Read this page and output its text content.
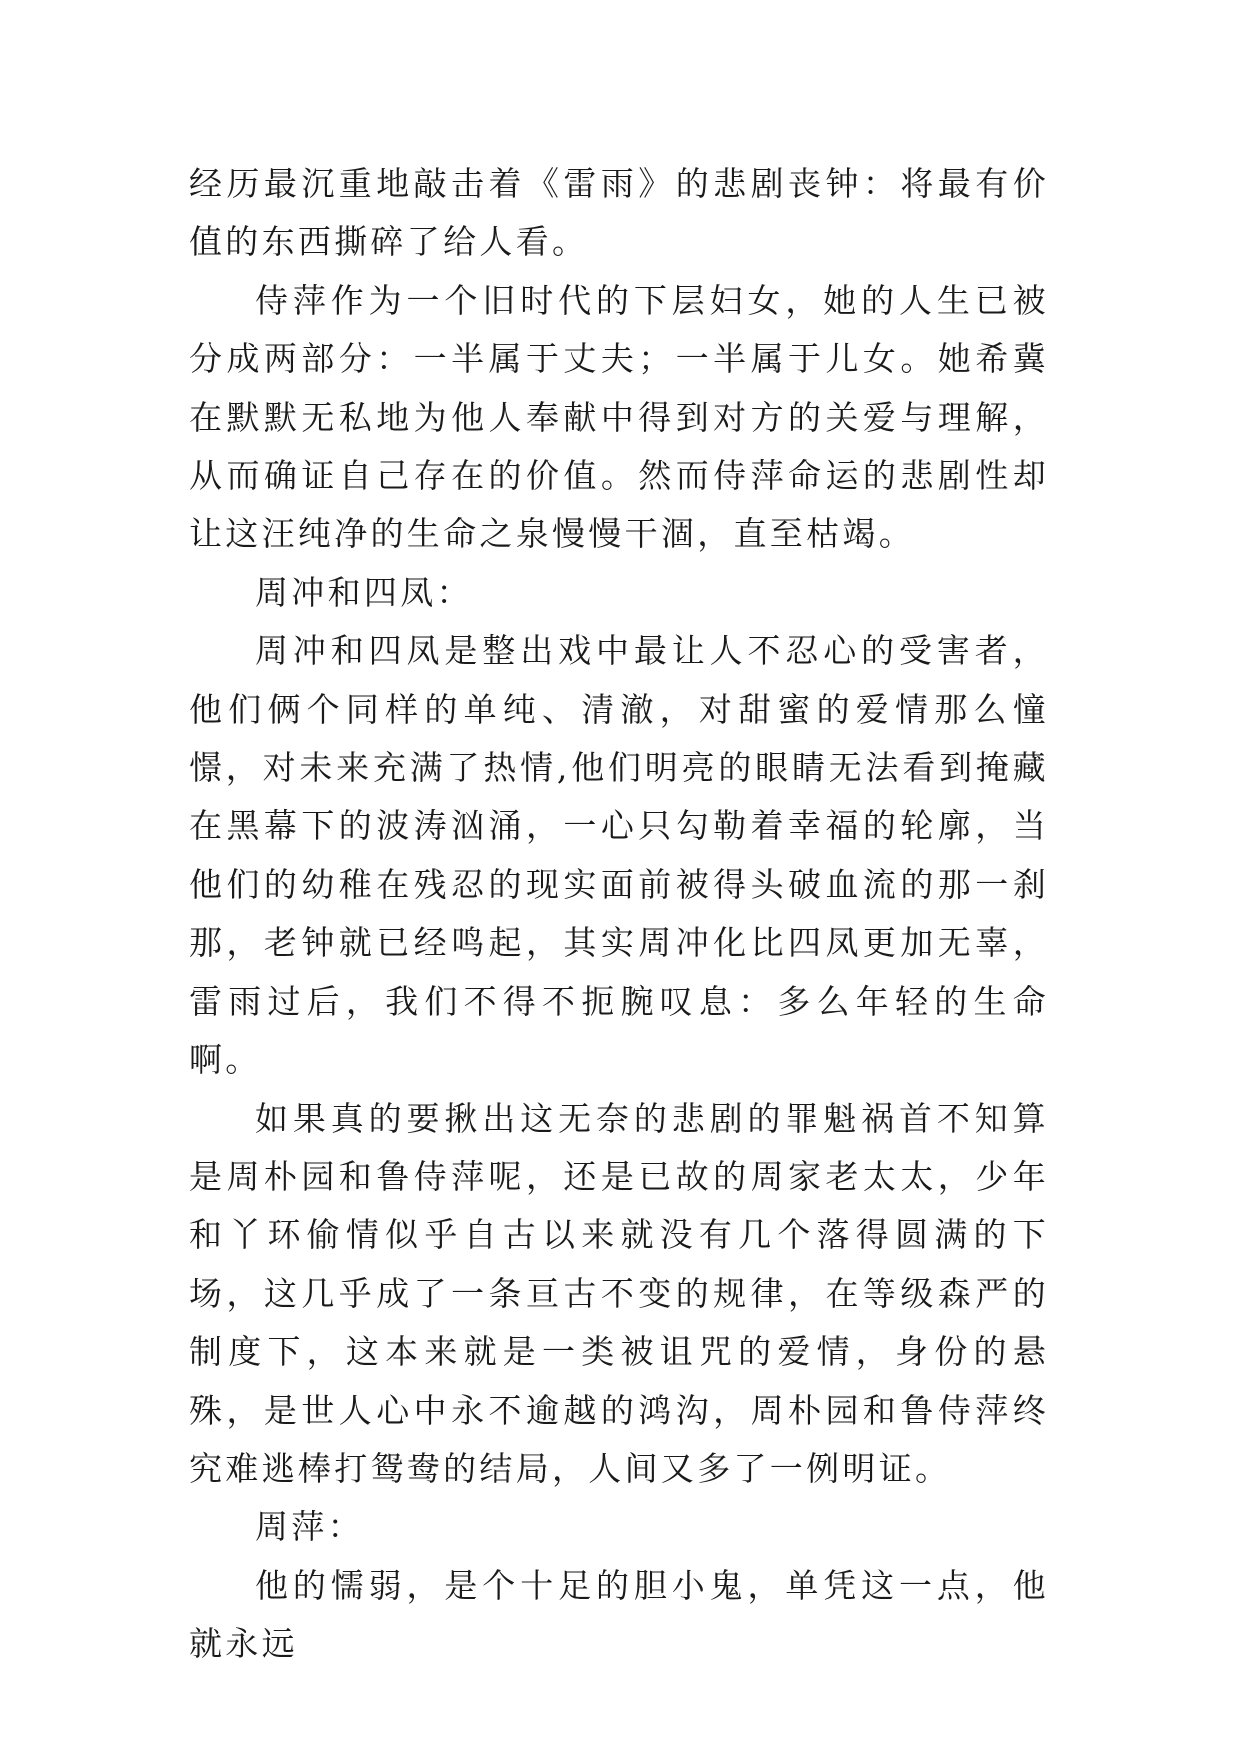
经历最沉重地敲击着《雷雨》的悲剧丧钟：将最有价值的东西撕碎了给人看。

侍萍作为一个旧时代的下层妇女，她的人生已被分成两部分：一半属于丈夫；一半属于儿女。她希冀在默默无私地为他人奉献中得到对方的关爱与理解，从而确证自己存在的价值。然而侍萍命运的悲剧性却让这汪纯净的生命之泉慢慢干涸，直至枯竭。

周冲和四凤：

周冲和四凤是整出戏中最让人不忍心的受害者，他们俩个同样的单纯、清澈，对甜蜜的爱情那么憧憬，对未来充满了热情,他们明亮的眼睛无法看到掩藏在黑幕下的波涛汹涌，一心只勾勒着幸福的轮廓，当他们的幼稚在残忍的现实面前被得头破血流的那一刹那，老钟就已经鸣起，其实周冲化比四凤更加无辜，雷雨过后，我们不得不扼腕叹息：多么年轻的生命啊。

如果真的要揪出这无奈的悲剧的罪魁祸首不知算是周朴园和鲁侍萍呢，还是已故的周家老太太，少年和丫环偷情似乎自古以来就没有几个落得圆满的下场，这几乎成了一条亘古不变的规律，在等级森严的制度下，这本来就是一类被诅咒的爱情，身份的悬殊，是世人心中永不逾越的鸿沟，周朴园和鲁侍萍终究难逃棒打鸳鸯的结局，人间又多了一例明证。

周萍：

他的懦弱，是个十足的胆小鬼，单凭这一点，他就永远
